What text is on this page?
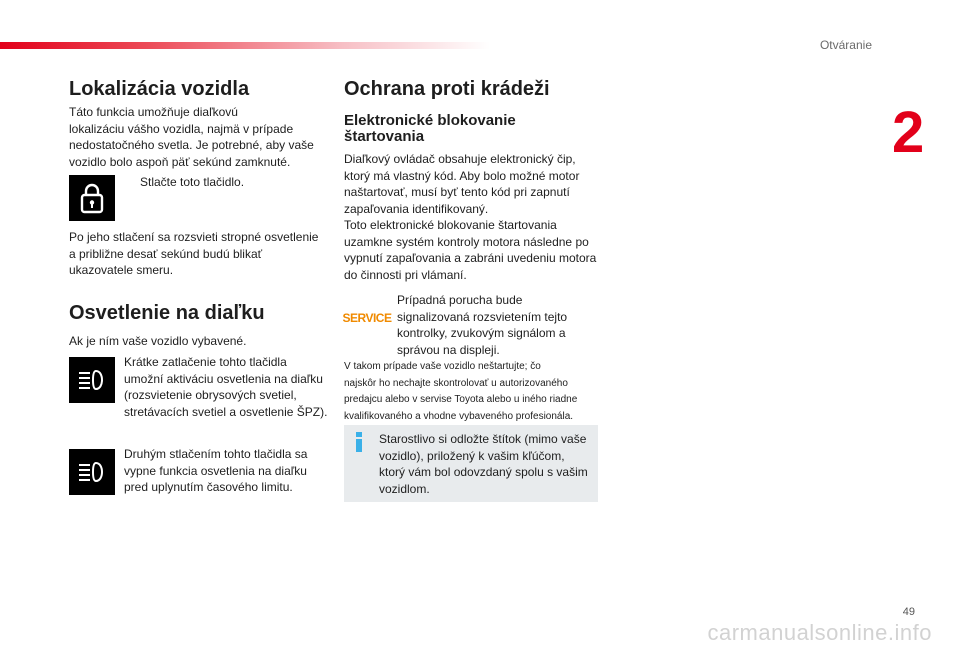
Otváranie
2
Lokalizácia vozidla
Táto funkcia umožňuje diaľkovú
lokalizáciu vášho vozidla, najmä v prípade
nedostatočného svetla. Je potrebné, aby vaše
vozidlo bolo aspoň päť sekúnd zamknuté.
Stlačte toto tlačidlo.
Po jeho stlačení sa rozsvieti stropné osvetlenie
a približne desať sekúnd budú blikať
ukazovatele smeru.
Osvetlenie na diaľku
Ak je ním vaše vozidlo vybavené.
Krátke zatlačenie tohto tlačidla
umožní aktiváciu osvetlenia na diaľku
(rozsvietenie obrysových svetiel,
stretávacích svetiel a osvetlenie ŠPZ).
Druhým stlačením tohto tlačidla sa
vypne funkcia osvetlenia na diaľku
pred uplynutím časového limitu.
Ochrana proti krádeži
Elektronické blokovanie
štartovania
Diaľkový ovládač obsahuje elektronický čip,
ktorý má vlastný kód. Aby bolo možné motor
naštartovať, musí byť tento kód pri zapnutí
zapaľovania identifikovaný.
Toto elektronické blokovanie štartovania
uzamkne systém kontroly motora následne po
vypnutí zapaľovania a zabráni uvedeniu motora
do činnosti pri vlámaní.
SERVICE
Prípadná porucha bude
signalizovaná rozsvietením tejto
kontrolky, zvukovým signálom a
správou na displeji.
V takom prípade vaše vozidlo neštartujte; čo
najskôr ho nechajte skontrolovať u autorizovaného
predajcu alebo v servise Toyota alebo u iného riadne
kvalifikovaného a vhodne vybaveného profesionála.
Starostlivo si odložte štítok (mimo vaše
vozidlo), priložený k vašim kľúčom,
ktorý vám bol odovzdaný spolu s vašim
vozidlom.
49
carmanualsonline.info
